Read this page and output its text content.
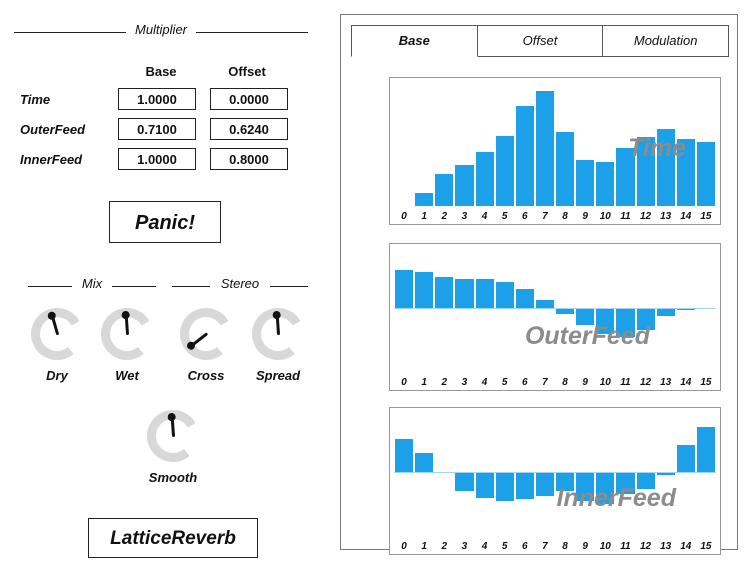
Multiplier
Base	Offset
Time	1.0000	0.0000
OuterFeed	0.7100	0.6240
InnerFeed	1.0000	0.8000
Panic!
Mix
Dry	Wet
Stereo
Cross	Spread
Smooth
LatticeReverb
Base	Offset	Modulation
0	1	2	3	4	5	6	7	8	9	10 11 12 13 14 15
Time
0	1	2	3	4	5	6	7	8	9	10 11 12 13 14 15
OuterFeed
0	1	2	3	4	5	6	7	8	9	10 11 12 13 14 15
InnerFeed
